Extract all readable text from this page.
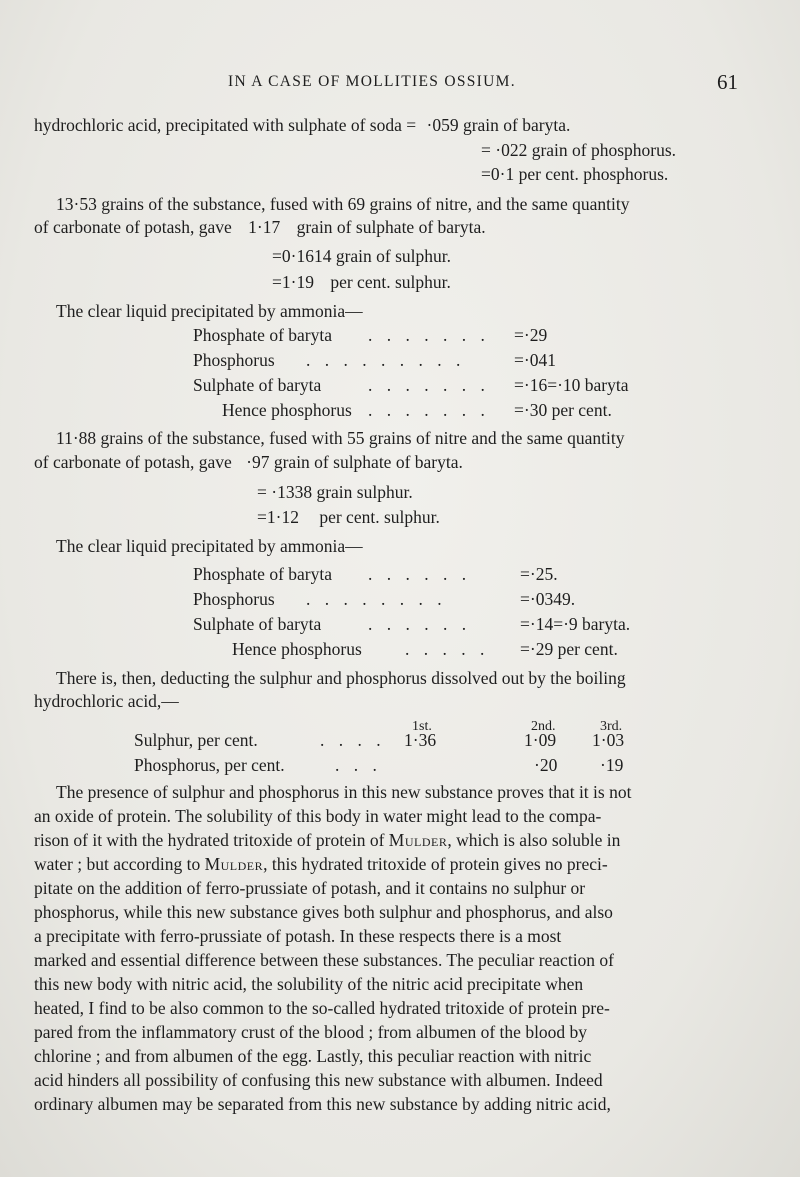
IN A CASE OF MOLLITIES OSSIUM.	61
hydrochloric acid, precipitated with sulphate of soda = ·059 grain of baryta.
= ·022 grain of phosphorus.
=0·1 per cent. phosphorus.
13·53 grains of the substance, fused with 69 grains of nitre, and the same quantity
of carbonate of potash, gave 1·17 grain of sulphate of baryta.
=0·1614 grain of sulphur.
=1·19 per cent. sulphur.
The clear liquid precipitated by ammonia—
Phosphate of baryta . . . . . . . =·29
Phosphorus . . . . . . . . .	=·041
Sulphate of baryta	. . . . . . . =·16=·10 baryta
Hence phosphorus . . . . . . . =·30 per cent.
11·88 grains of the substance, fused with 55 grains of nitre and the same quantity
of carbonate of potash, gave ·97 grain of sulphate of baryta.
= ·1338 grain sulphur.
=1·12 per cent. sulphur.
The clear liquid precipitated by ammonia—
Phosphate of baryta . . . . . .	=·25.
Phosphorus . . . . . . . .	=·0349.
Sulphate of baryta	. . . . . .	=·14=·9 baryta.
Hence phosphorus . . . . . =·29 per cent.
There is, then, deducting the sulphur and phosphorus dissolved out by the boiling
hydrochloric acid,—
1st.	2nd.	3rd.
Sulphur, per cent.	. . . . 1·36	1·09 1·03
Phosphorus, per cent.	. . .	·20 ·19
The presence of sulphur and phosphorus in this new substance proves that it is not
an oxide of protein. The solubility of this body in water might lead to the compa-
rison of it with the hydrated tritoxide of protein of Mulder, which is also soluble in
water ; but according to Mulder, this hydrated tritoxide of protein gives no preci-
pitate on the addition of ferro-prussiate of potash, and it contains no sulphur or
phosphorus, while this new substance gives both sulphur and phosphorus, and also
a precipitate with ferro-prussiate of potash. In these respects there is a most
marked and essential difference between these substances. The peculiar reaction of
this new body with nitric acid, the solubility of the nitric acid precipitate when
heated, I find to be also common to the so-called hydrated tritoxide of protein pre-
pared from the inflammatory crust of the blood ; from albumen of the blood by
chlorine ; and from albumen of the egg. Lastly, this peculiar reaction with nitric
acid hinders all possibility of confusing this new substance with albumen. Indeed
ordinary albumen may be separated from this new substance by adding nitric acid,
